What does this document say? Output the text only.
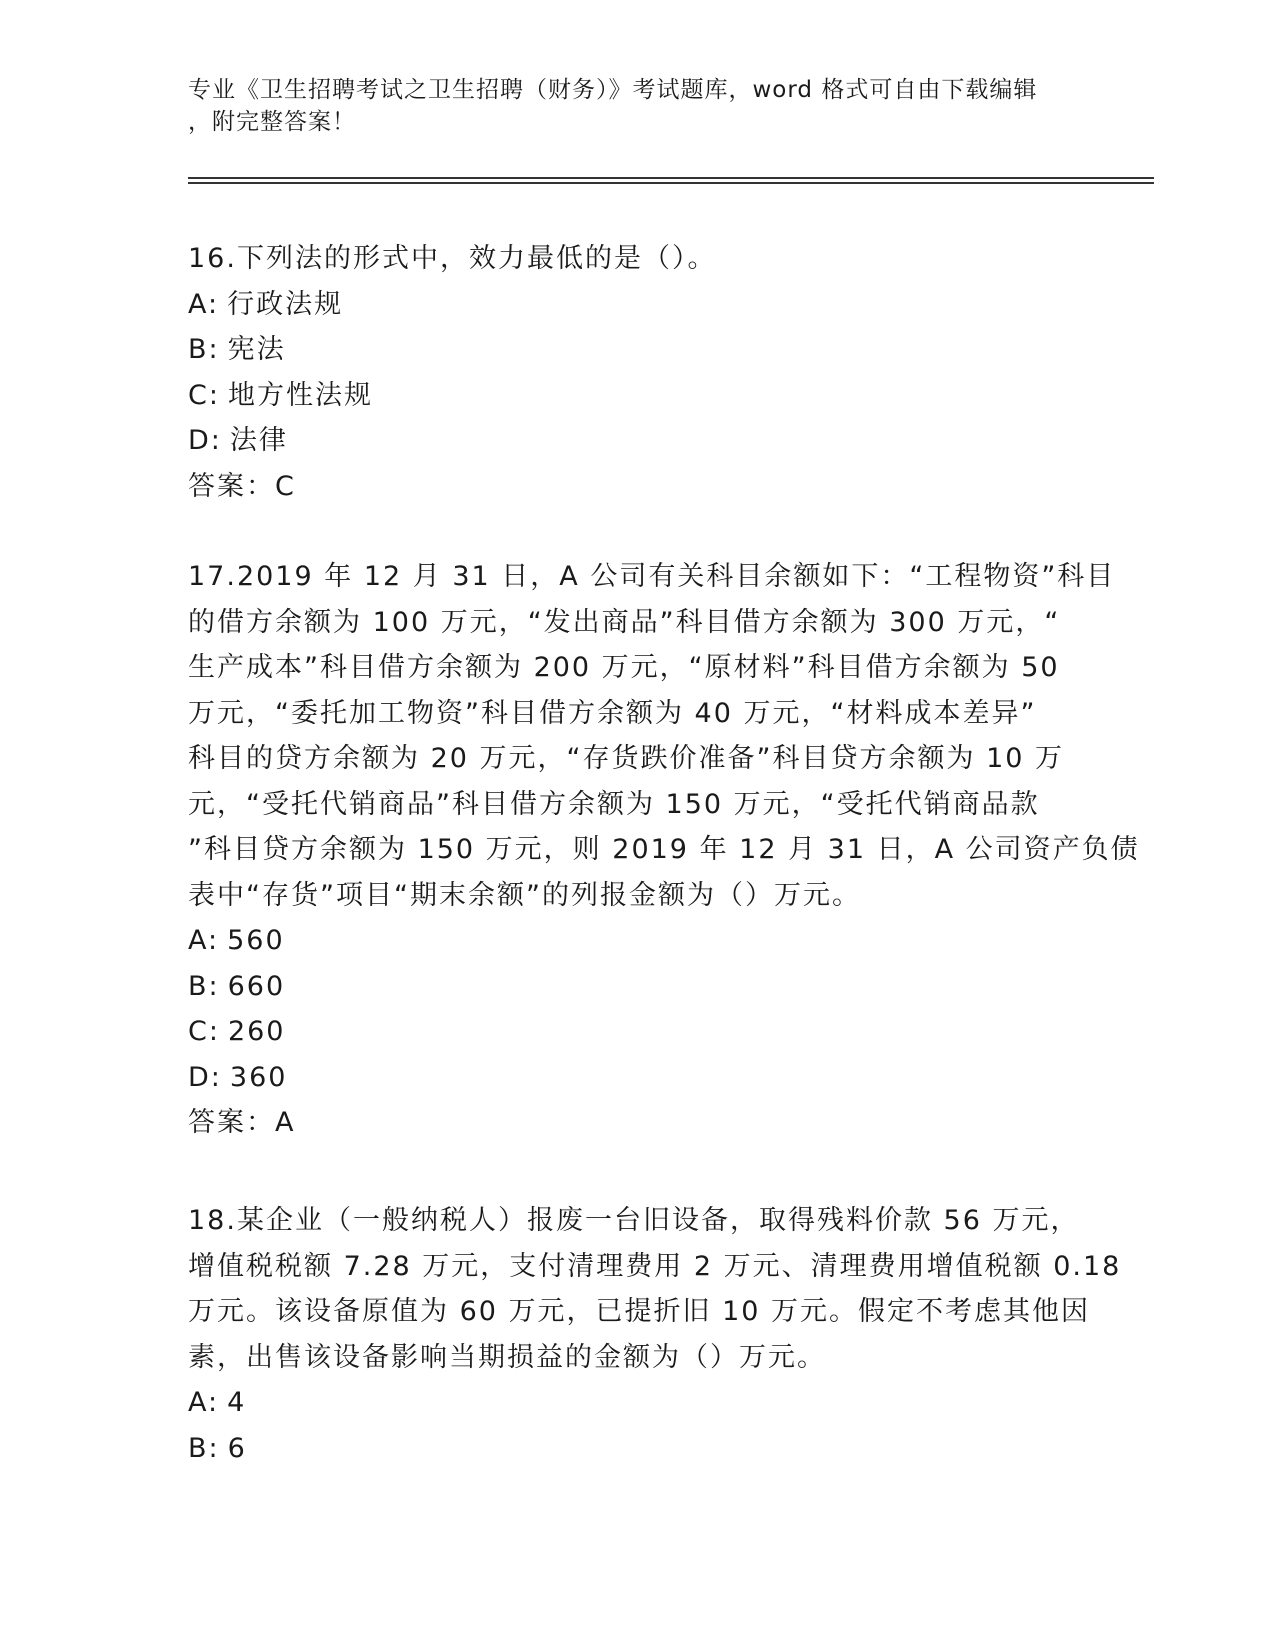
专业《卫生招聘考试之卫生招聘（财务）》考试题库，word 格式可自由下载编辑
，附完整答案！
16.下列法的形式中，效力最低的是（）。
A: 行政法规
B: 宪法
C: 地方性法规
D: 法律
答案：C
17.2019 年 12 月 31 日，A 公司有关科目余额如下：“工程物资”科目
的借方余额为 100 万元，“发出商品”科目借方余额为 300 万元，“
生产成本”科目借方余额为 200 万元，“原材料”科目借方余额为 50
万元，“委托加工物资”科目借方余额为 40 万元，“材料成本差异”
科目的贷方余额为 20 万元，“存货跌价准备”科目贷方余额为 10 万
元，“受托代销商品”科目借方余额为 150 万元，“受托代销商品款
”科目贷方余额为 150 万元，则 2019 年 12 月 31 日，A 公司资产负债
表中“存货”项目“期末余额”的列报金额为（）万元。
A: 560
B: 660
C: 260
D: 360
答案：A
18.某企业（一般纳税人）报废一台旧设备，取得残料价款 56 万元，
增值税税额 7.28 万元，支付清理费用 2 万元、清理费用增值税额 0.18
万元。该设备原值为 60 万元，已提折旧 10 万元。假定不考虑其他因
素，出售该设备影响当期损益的金额为（）万元。
A: 4
B: 6
